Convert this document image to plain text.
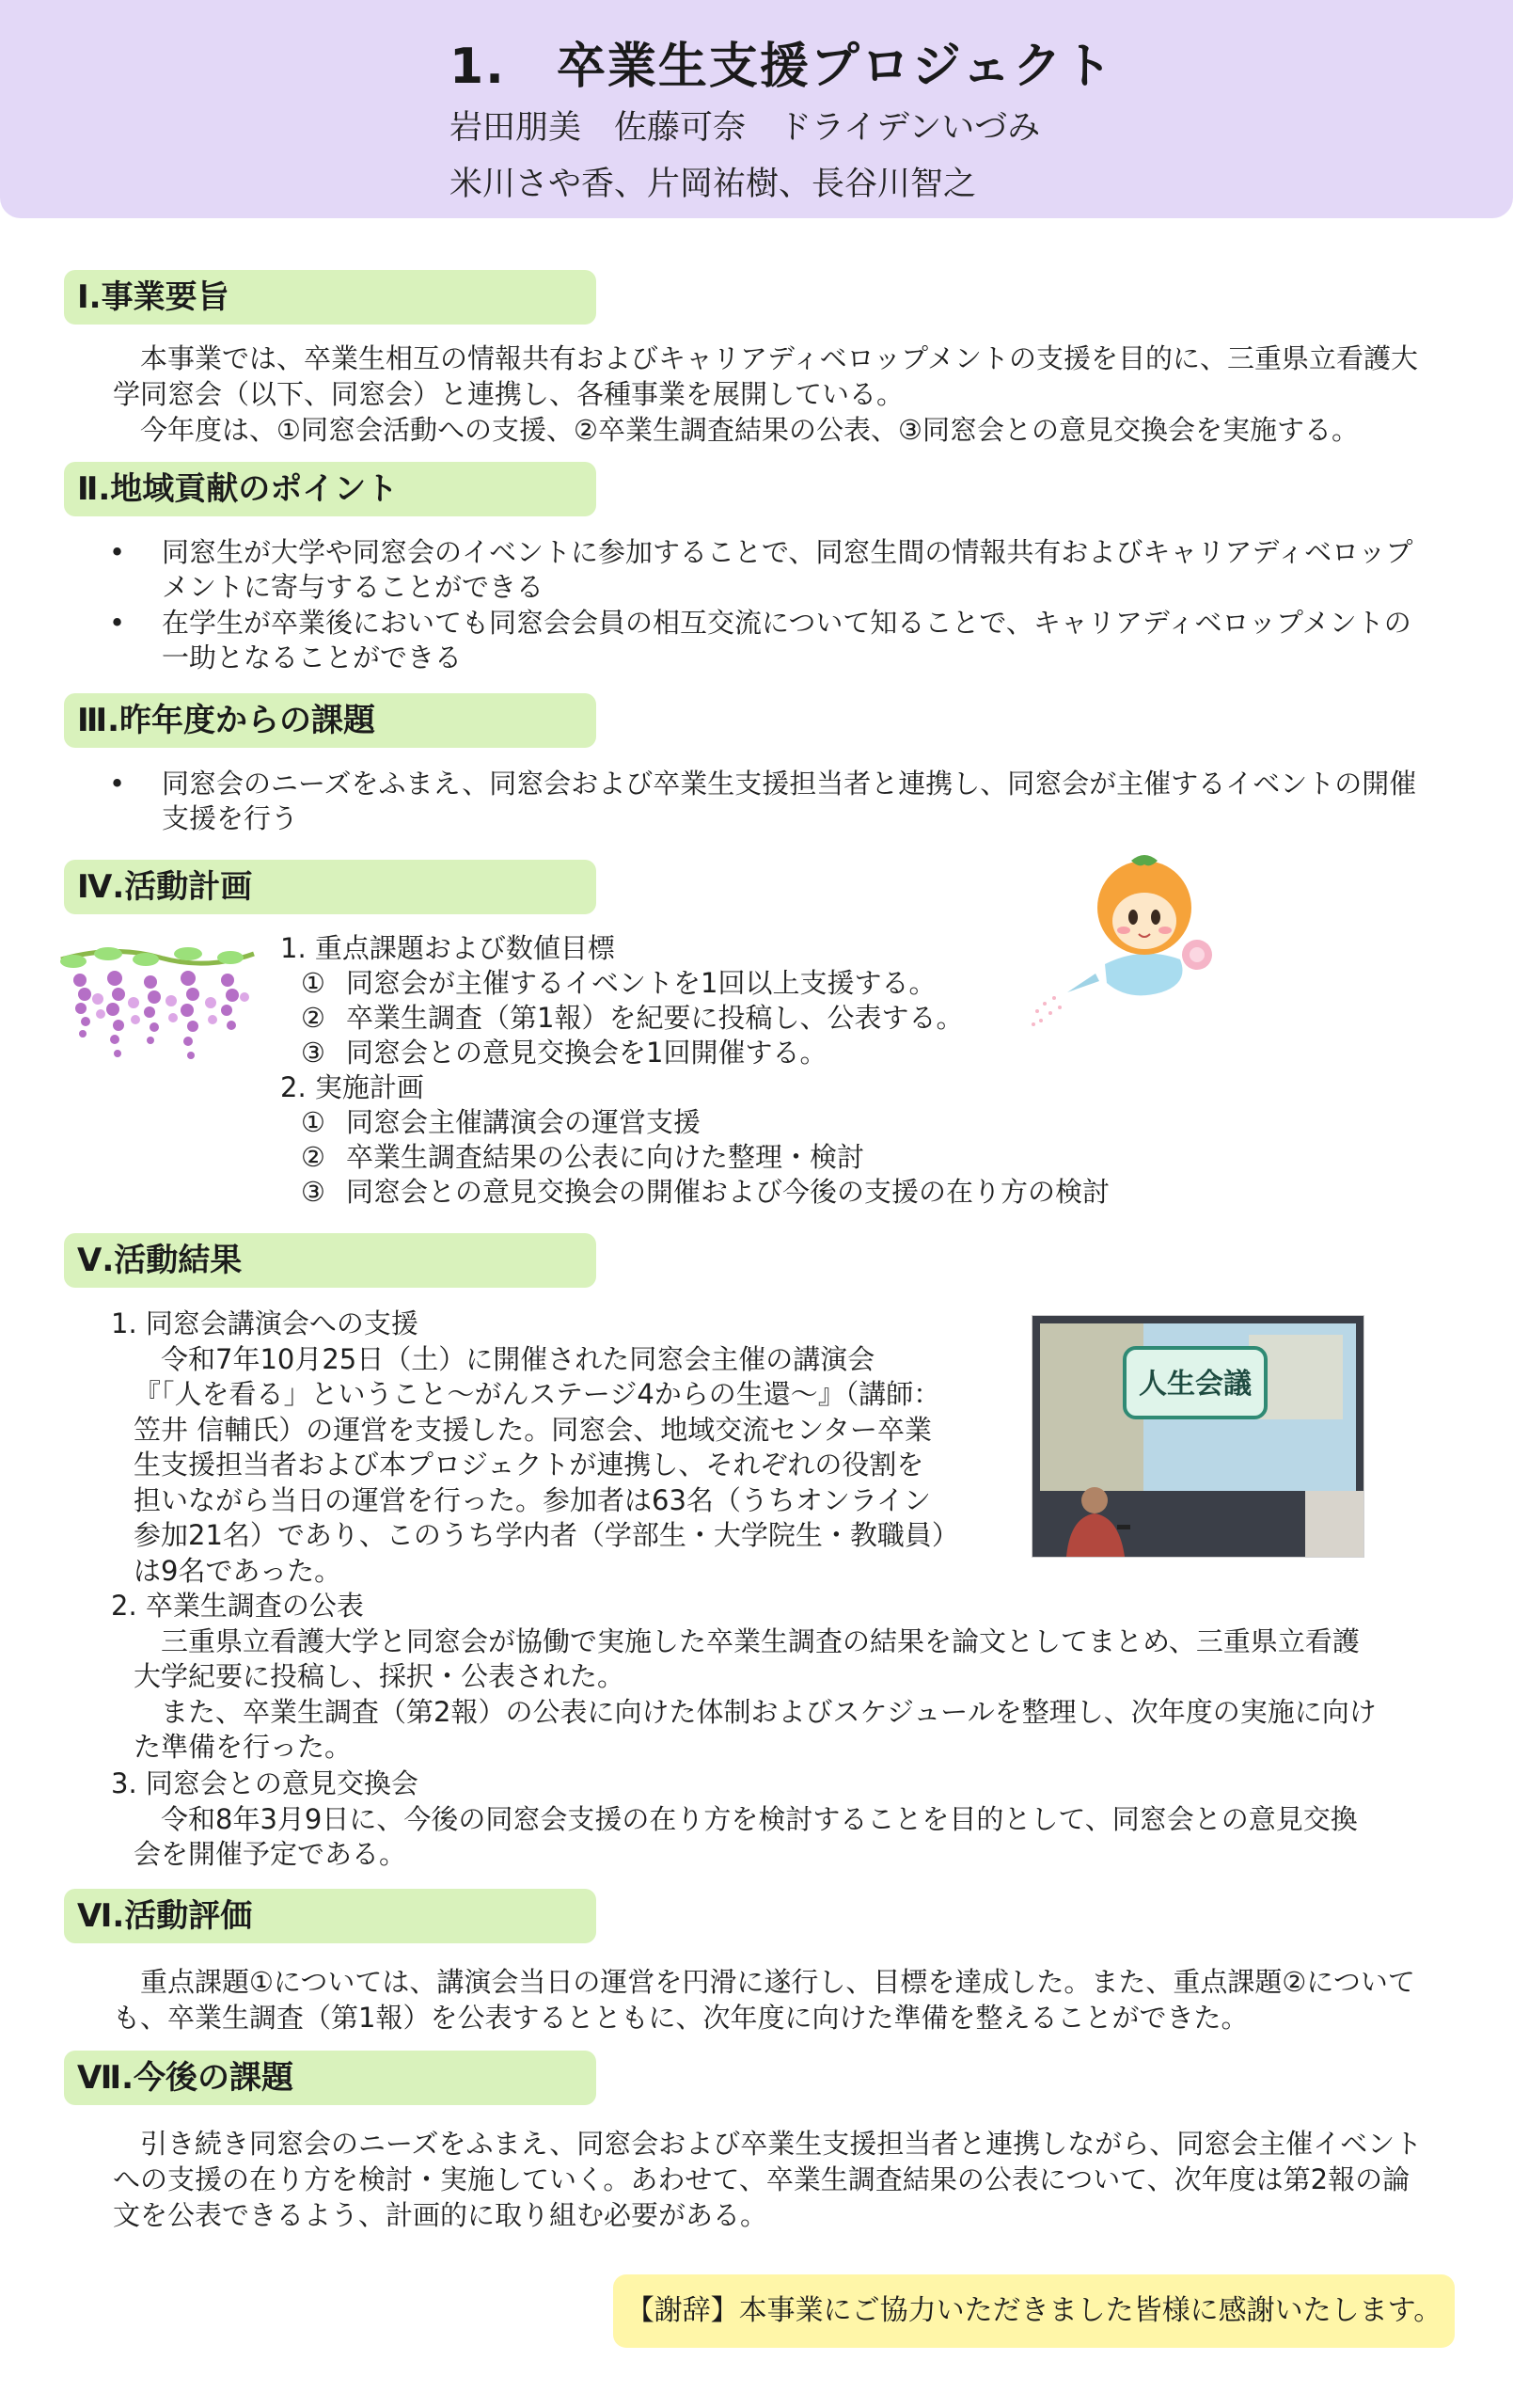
1.　卒業生支援プロジェクト

岩田朋美　佐藤可奈　ドライデンいづみ

米川さや香、片岡祐樹、長谷川智之

Ⅰ.事業要旨

　本事業では、卒業生相互の情報共有およびキャリアディベロップメントの支援を目的に、三重県立看護大学同窓会（以下、同窓会）と連携し、各種事業を展開している。

　今年度は、①同窓会活動への支援、②卒業生調査結果の公表、③同窓会との意見交換会を実施する。

Ⅱ.地域貢献のポイント
• 同窓生が大学や同窓会のイベントに参加することで、同窓生間の情報共有およびキャリアディベロップメントに寄与することができる
• 在学生が卒業後においても同窓会会員の相互交流について知ることで、キャリアディベロップメントの一助となることができる
Ⅲ.昨年度からの課題
• 同窓会のニーズをふまえ、同窓会および卒業生支援担当者と連携し、同窓会が主催するイベントの開催支援を行う
Ⅳ.活動計画
1. 重点課題および数値目標
① 同窓会が主催するイベントを1回以上支援する。
② 卒業生調査（第1報）を紀要に投稿し、公表する。
③ 同窓会との意見交換会を1回開催する。
2. 実施計画
① 同窓会主催講演会の運営支援
② 卒業生調査結果の公表に向けた整理・検討
③ 同窓会との意見交換会の開催および今後の支援の在り方の検討
Ⅴ.活動結果
1. 同窓会講演会への支援
　令和7年10月25日（土）に開催された同窓会主催の講演会
『「人を看る」ということ～がんステージ4からの生還～』（講師：
笠井 信輔氏）の運営を支援した。同窓会、地域交流センター卒業
生支援担当者および本プロジェクトが連携し、それぞれの役割を
担いながら当日の運営を行った。参加者は63名（うちオンライン
参加21名）であり、このうち学内者（学部生・大学院生・教職員）
は9名であった。
人生会議
2. 卒業生調査の公表
　三重県立看護大学と同窓会が協働で実施した卒業生調査の結果を論文としてまとめ、三重県立看護
大学紀要に投稿し、採択・公表された。
　また、卒業生調査（第2報）の公表に向けた体制およびスケジュールを整理し、次年度の実施に向け
た準備を行った。
3. 同窓会との意見交換会
　令和8年3月9日に、今後の同窓会支援の在り方を検討することを目的として、同窓会との意見交換
会を開催予定である。
Ⅵ.活動評価

　重点課題①については、講演会当日の運営を円滑に遂行し、目標を達成した。また、重点課題②についても、卒業生調査（第1報）を公表するとともに、次年度に向けた準備を整えることができた。

Ⅶ.今後の課題

　引き続き同窓会のニーズをふまえ、同窓会および卒業生支援担当者と連携しながら、同窓会主催イベントへの支援の在り方を検討・実施していく。あわせて、卒業生調査結果の公表について、次年度は第2報の論文を公表できるよう、計画的に取り組む必要がある。

【謝辞】本事業にご協力いただきました皆様に感謝いたします。
